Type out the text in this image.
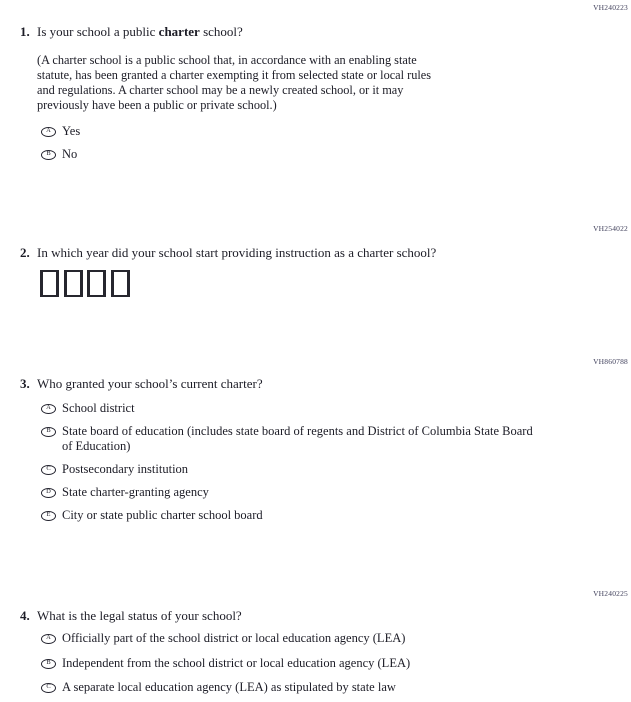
VH240223
1. Is your school a public charter school?
(A charter school is a public school that, in accordance with an enabling state
statute, has been granted a charter exempting it from selected state or local rules
and regulations. A charter school may be a newly created school, or it may
previously have been a public or private school.)
A Yes
B No
VH254022
2. In which year did your school start providing instruction as a charter school?
VH860788
3. Who granted your school’s current charter?
A School district
B State board of education (includes state board of regents and District of Columbia State Board
of Education)
C Postsecondary institution
D State charter-granting agency
E City or state public charter school board
VH240225
4. What is the legal status of your school?
A Officially part of the school district or local education agency (LEA)
B Independent from the school district or local education agency (LEA)
C A separate local education agency (LEA) as stipulated by state law
